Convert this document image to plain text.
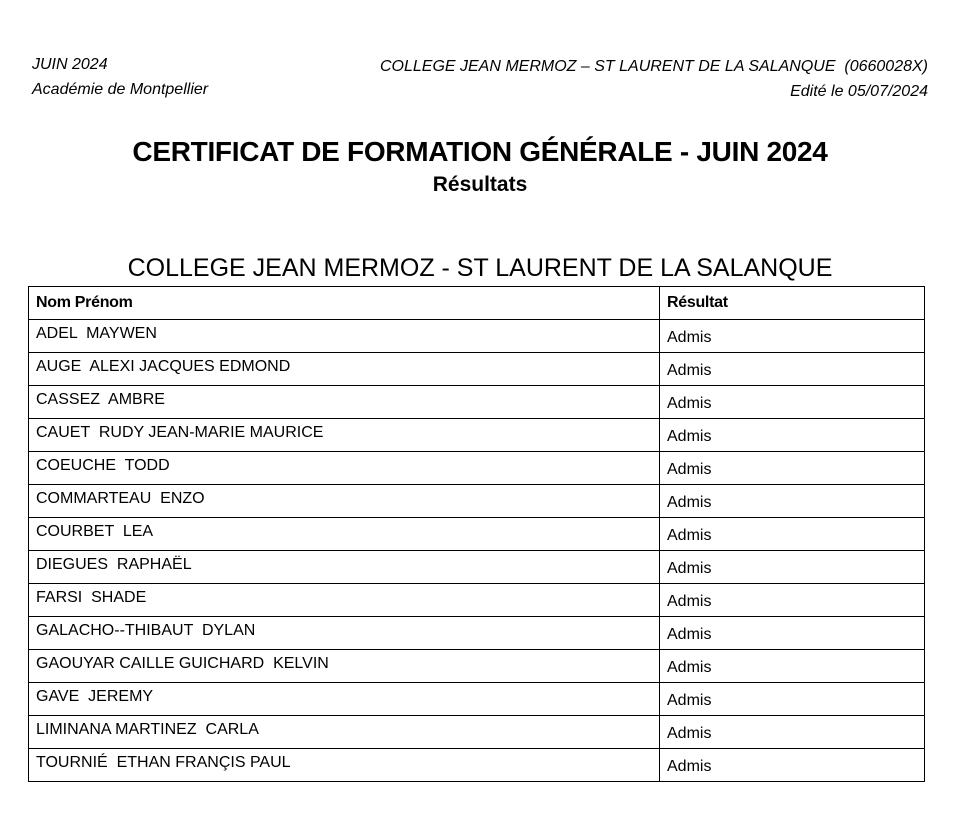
JUIN 2024
Académie de Montpellier
COLLEGE JEAN MERMOZ – ST LAURENT DE LA SALANQUE  (0660028X)
Edité le 05/07/2024
CERTIFICAT DE FORMATION GÉNÉRALE - JUIN 2024
Résultats
COLLEGE JEAN MERMOZ - ST LAURENT DE LA SALANQUE
Nom Prénom	Résultat
ADEL  MAYWEN	Admis
AUGE  ALEXI JACQUES EDMOND	Admis
CASSEZ  AMBRE	Admis
CAUET  RUDY JEAN-MARIE MAURICE	Admis
COEUCHE  TODD	Admis
COMMARTEAU  ENZO	Admis
COURBET  LEA	Admis
DIEGUES  RAPHAËL	Admis
FARSI  SHADE	Admis
GALACHO--THIBAUT  DYLAN	Admis
GAOUYAR CAILLE GUICHARD  KELVIN	Admis
GAVE  JEREMY	Admis
LIMINANA MARTINEZ  CARLA	Admis
TOURNIÉ  ETHAN FRANÇIS PAUL	Admis
